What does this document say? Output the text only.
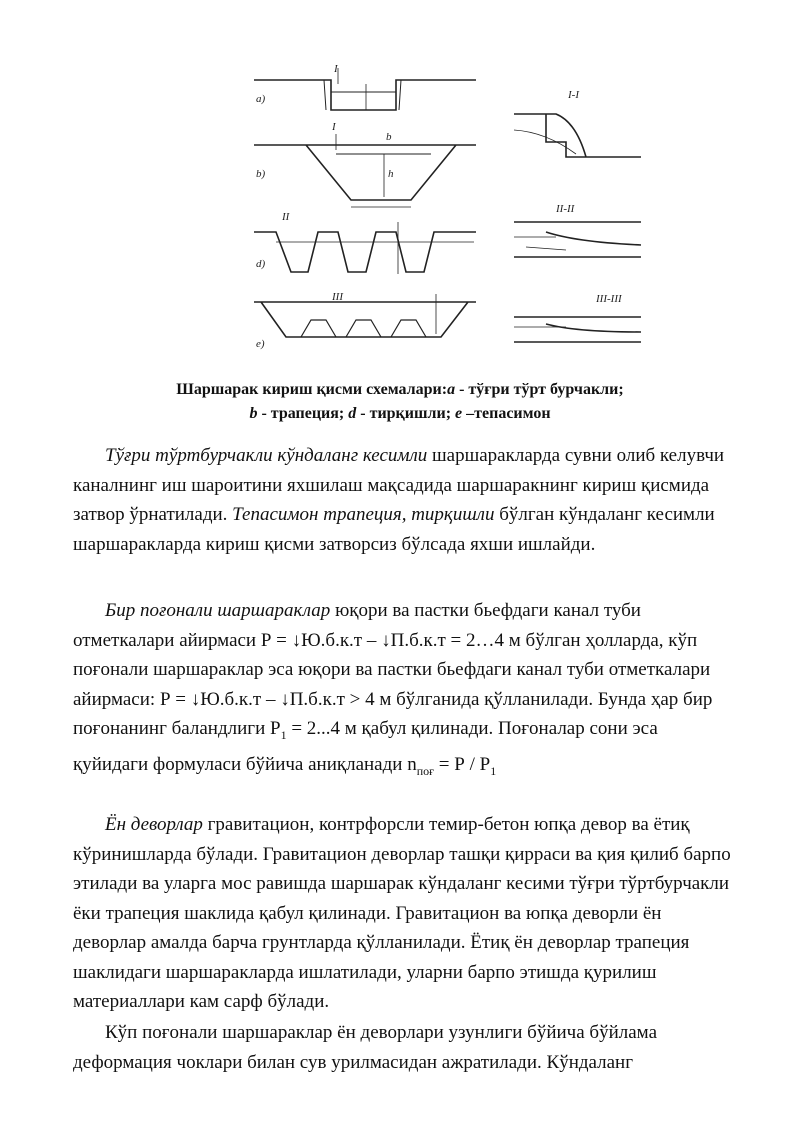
a)
b)
d)
e)
I
I
b
h
II
III
I-I
II-II
III-III
Шаршарак кириш қисми схемалари:а - тўғри тўрт бурчакли;
b - трапеция; d - тирқишли; е –тепасимон

Тўғри тўртбурчакли кўндаланг кесимли шаршаракларда сувни олиб келувчи каналнинг иш шароитини яхшилаш мақсадида шаршаракнинг кириш қисмида затвор ўрнатилади. Тепасимон трапеция, тирқишли бўлган кўндаланг кесимли шаршаракларда кириш қисми затворсиз бўлсада яхши ишлайди.

Бир поғонали шаршараклар юқори ва пастки бьефдаги канал туби отметкалари айирмаси Р = ↓Ю.б.к.т – ↓П.б.к.т = 2…4 м бўлган ҳолларда, кўп поғонали шаршараклар эса юқори ва пастки бьефдаги канал туби отметкалари айирмаси: Р = ↓Ю.б.к.т – ↓П.б.к.т > 4 м бўлганида қўлланилади. Бунда ҳар бир поғонанинг баландлиги $Р_1 = 2...4$ м қабул қилинади. Поғоналар сони эса қуйидаги формуласи бўйича аниқланади $n_{поғ} = Р / Р_1$

Ён деворлар гравитацион, контрфорсли темир-бетон юпқа девор ва ётиқ кўринишларда бўлади. Гравитацион деворлар ташқи қирраси ва қия қилиб барпо этилади ва уларга мос равишда шаршарак кўндаланг кесими тўғри тўртбурчакли ёки трапеция шаклида қабул қилинади. Гравитацион ва юпқа деворли ён деворлар амалда барча грунтларда қўлланилади. Ётиқ ён деворлар трапеция шаклидаги шаршаракларда ишлатилади, уларни барпо этишда қурилиш материаллари кам сарф бўлади.

Кўп поғонали шаршараклар ён деворлари узунлиги бўйича бўйлама деформация чоклари билан сув урилмасидан ажратилади. Кўндаланг
